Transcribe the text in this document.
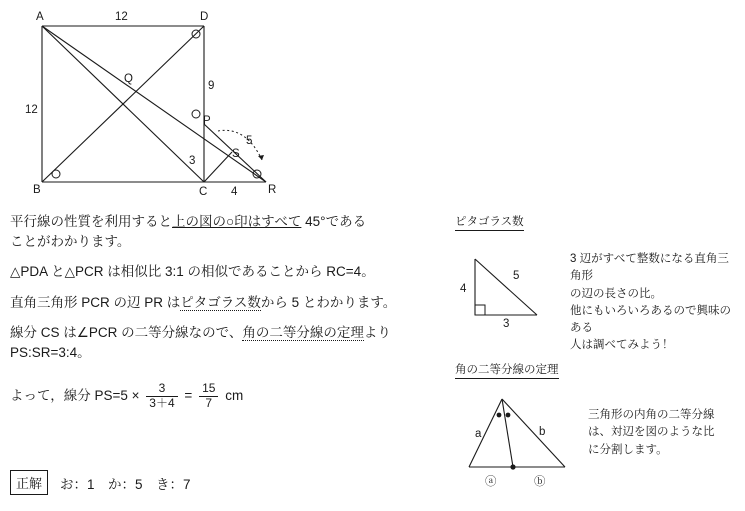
A	D
B	C	R
Q
P
S
12
12
9
3
4
5

平行線の性質を利用すると上の図の○印はすべて 45°である
ことがわかります。

△PDA と△PCR は相似比 3:1 の相似であることから RC=4。

直角三角形 PCR の辺 PR はピタゴラス数から 5 とわかります。

線分 CS は∠PCR の二等分線なので、角の二等分線の定理より
PS:SR=3:4。

よって，線分 $PS=5 \times \frac{3}{3+4} = \frac{15}{7}$ cm

正解	お：1　か：5　き：7
ピタゴラス数
4
3
5
3 辺がすべて整数になる直角三角形
の辺の長さの比。
他にもいろいろあるので興味のある
人は調べてみよう！
角の二等分線の定理
a	b
ⓐ	ⓑ
三角形の内角の二等分線
は、対辺を図のような比
に分割します。
